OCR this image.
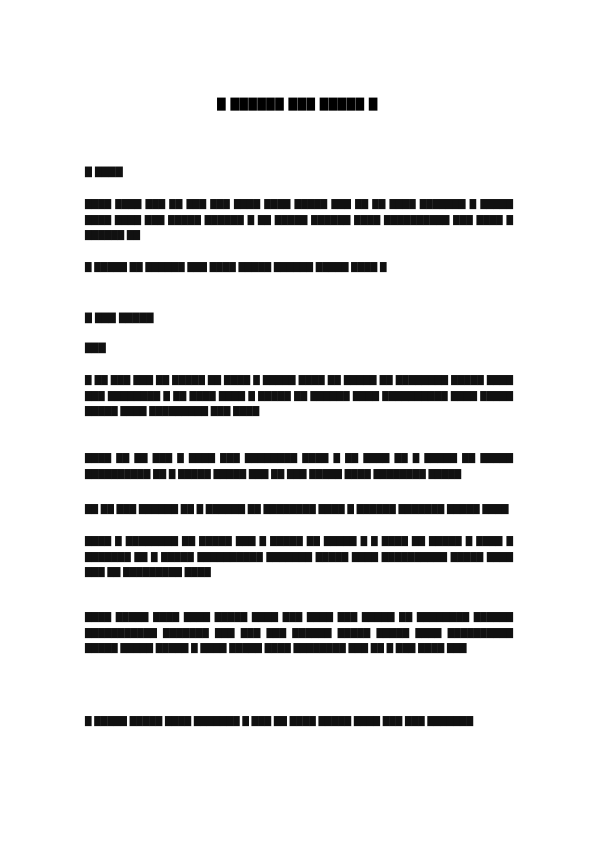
█ ██████ ███ █████ █
█ ████
████ ████ ███ ██ ███ ███ ████ ████ █████ ███ ██ ██ ████ ███████ █ █████ ████ ████ ███ █████ ██████ █ ██ █████ ██████ ████ ██████████ ███ ████ █ ██████ ██
█ █████ ██ ██████ ███ ████ █████ ██████ █████ ████ █
█ ███ █████
███
█ ██ ███ ███ ██ █████ ██ ████ █ █████ ████ ██ █████ ██ ████████ █████ ████ ███ ████████ █ ██ ████ ████ █ █████ ██ ██████ ████ ██████████ ████ █████ █████ ████ █████████ ███ ████
████ ██ ██ ███ █ ████ ███ ████████ ████ █ ██ ████ ██ █ █████ ██ █████ ██████████ ██ █ █████ █████ ███ ██ ███ █████ ████ ████████ █████
██ ██ ███ ██████ ██ █ ██████ ██ ████████ ████ █ ██████ ███████ █████ ████
████ █ ████████ ██ █████ ███ █ █████ ██ █████ █ █ ████ ██ █████ █ ████ █ ███████ ██ █ █████ ██████████ ███████ █████ ████ ██████████ █████ ████ ███ ██ █████████ ████
████ █████ ████ ████ █████ ████ ███ ████ ███ █████ ██ ████████ ██████ ███████████ ███████ ███ ███ ███ ██████ █████ █████ ████ ██████████ █████ █████ █████ █ ████ █████ ████ ████████ ███ ██ █ ███ ████ ███
█ █████ █████ ████ ███████ █ ███ ██ ████ █████ ████ ███ ███ ███████
